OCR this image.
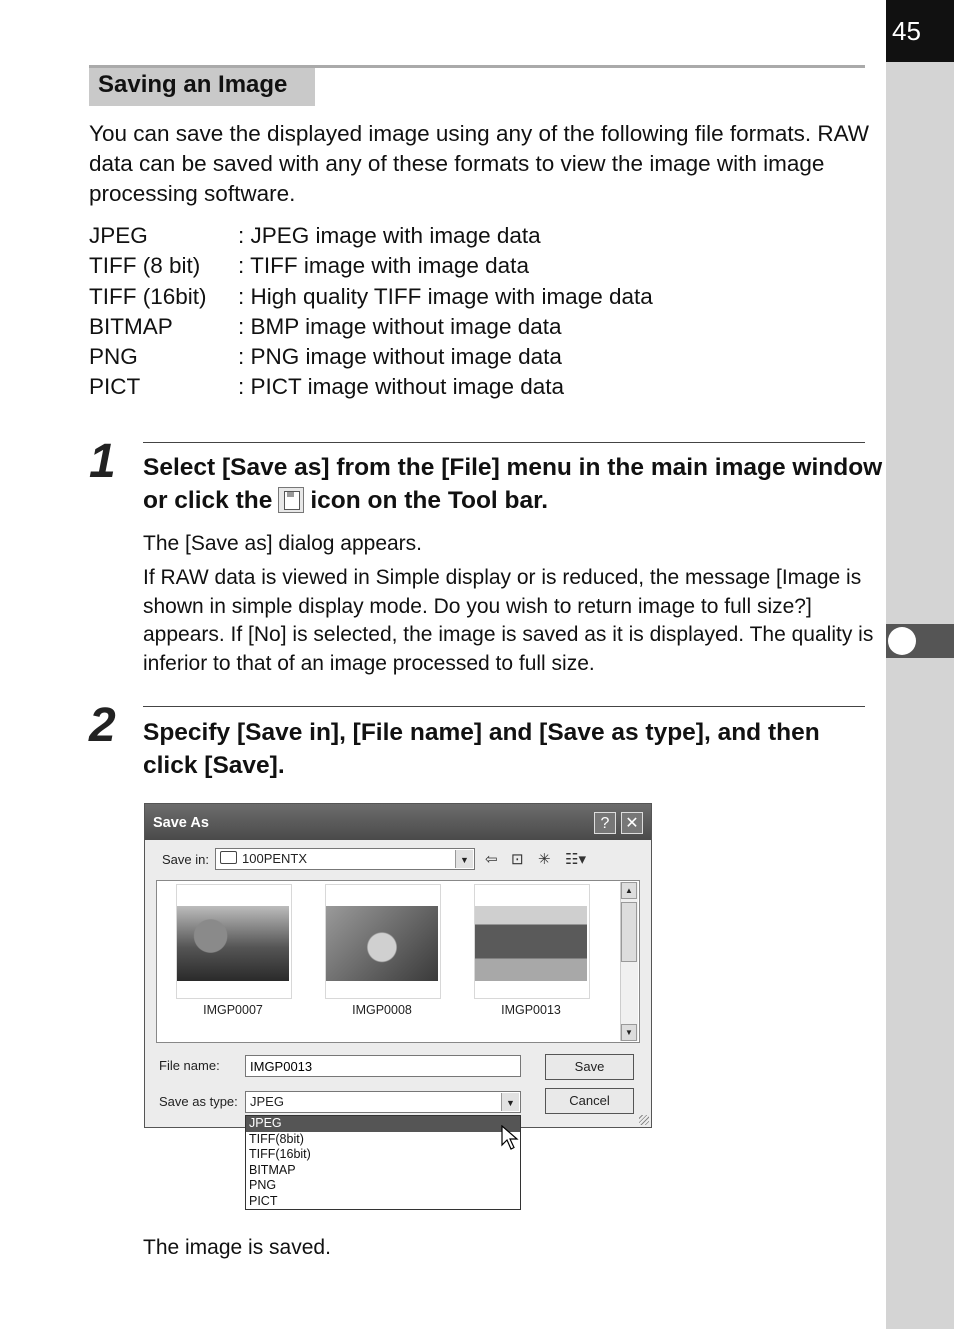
45
Saving an Image

You can save the displayed image using any of the following file formats. RAW data can be saved with any of these formats to view the image with image processing software.

JPEG	: JPEG image with image data
TIFF (8 bit)	: TIFF image with image data
TIFF (16bit)	: High quality TIFF image with image data
BITMAP	: BMP image without image data
PNG	: PNG image without image data
PICT	: PICT image without image data
1 Select [Save as] from the [File] menu in the main image window or click the icon on the Tool bar.

The [Save as] dialog appears.

If RAW data is viewed in Simple display or is reduced, the message [Image is shown in simple display mode. Do you wish to return image to full size?] appears. If [No] is selected, the image is saved as it is displayed. The quality is inferior to that of an image processed to full size.

2 Specify [Save in], [File name] and [Save as type], and then click [Save].

Save As	? ✕
Save in:	100PENTX	▼ ⇦ ⊡ ✳ ☷▾
IMGP0007	IMGP0008	IMGP0013
▲
▼
File name:
IMGP0013
Save as type: JPEG	▼
Save
Cancel
JPEG
TIFF(8bit)
TIFF(16bit)
BITMAP
PNG
PICT

The image is saved.
